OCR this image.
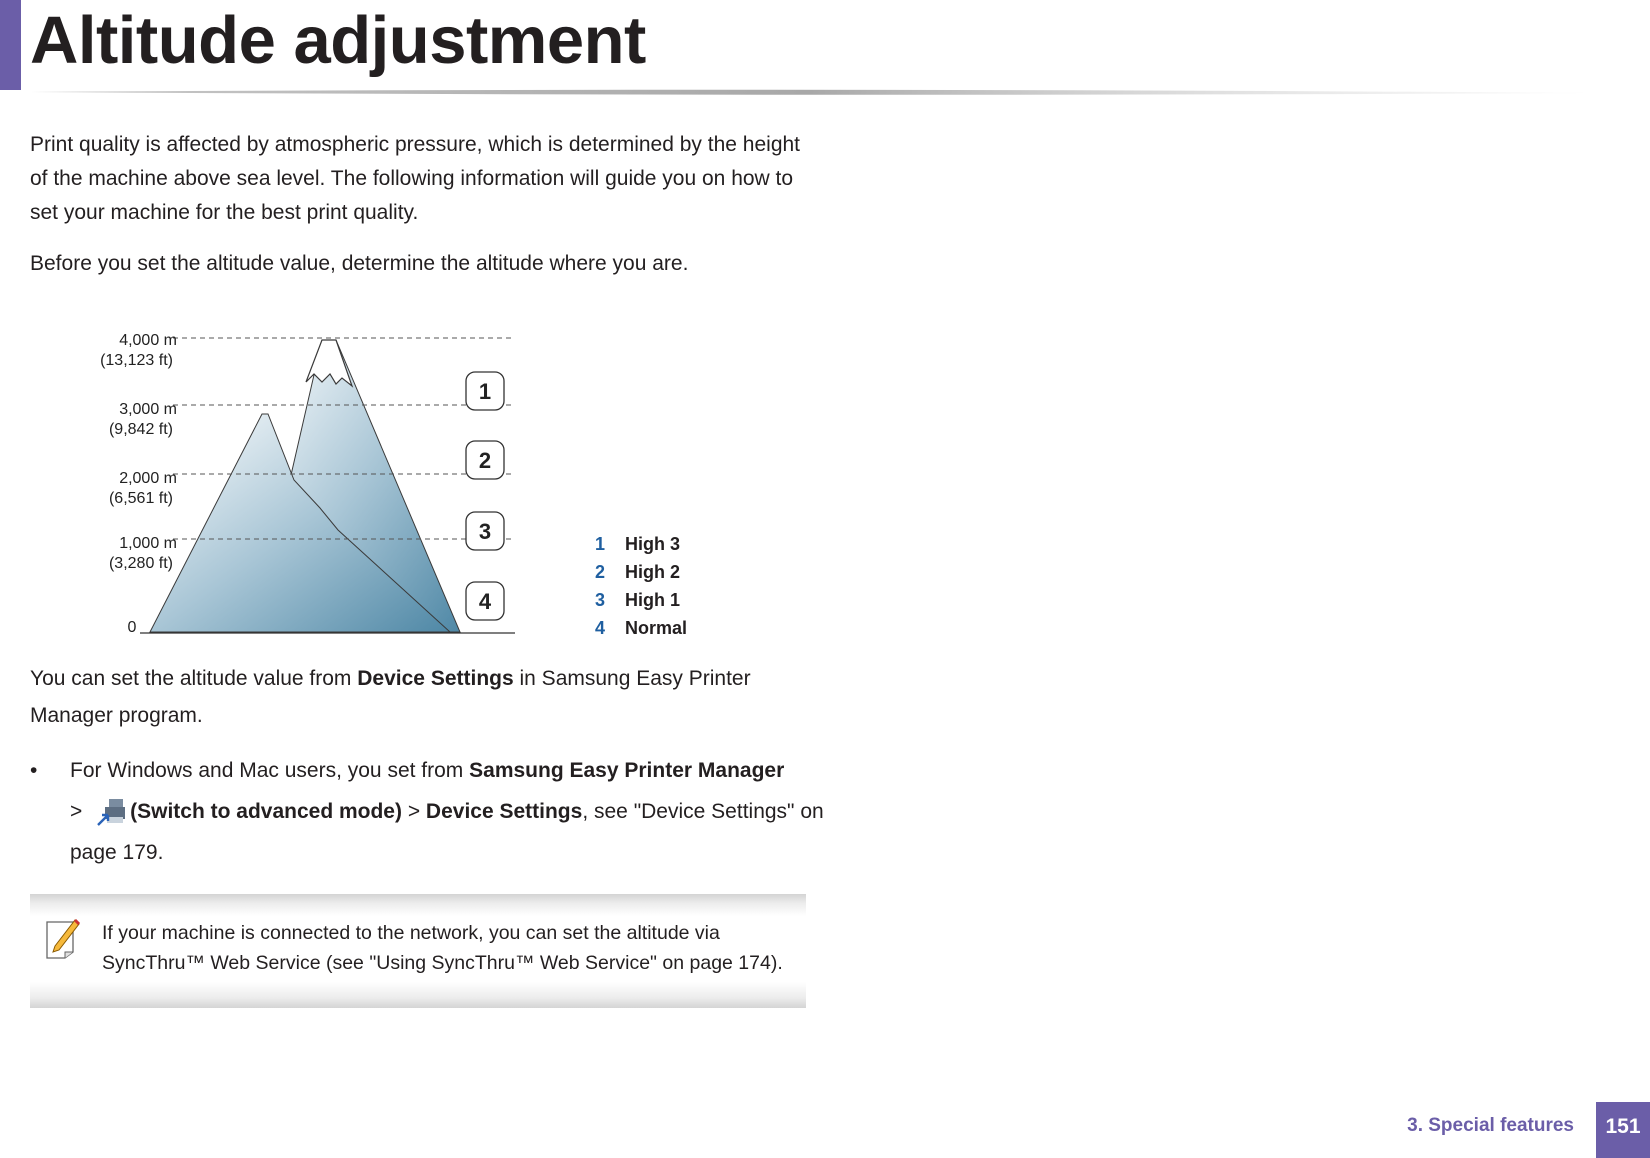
Altitude adjustment

Print quality is affected by atmospheric pressure, which is determined by the height of the machine above sea level. The following information will guide you on how to set your machine for the best print quality.

Before you set the altitude value, determine the altitude where you are.

4,000 m
(13,123 ft)
3,000 m
(9,842 ft)
2,000 m
(6,561 ft)
1,000 m
(3,280 ft)
0
1
2
3
4
1 High 3
2 High 2
3 High 1
4 Normal

You can set the altitude value from Device Settings in Samsung Easy Printer Manager program.

• For Windows and Mac users, you set from Samsung Easy Printer Manager
> (Switch to advanced mode) > Device Settings, see "Device Settings" on page 179.
If your machine is connected to the network, you can set the altitude via SyncThru™ Web Service (see "Using SyncThru™ Web Service" on page 174).
3. Special features	151
